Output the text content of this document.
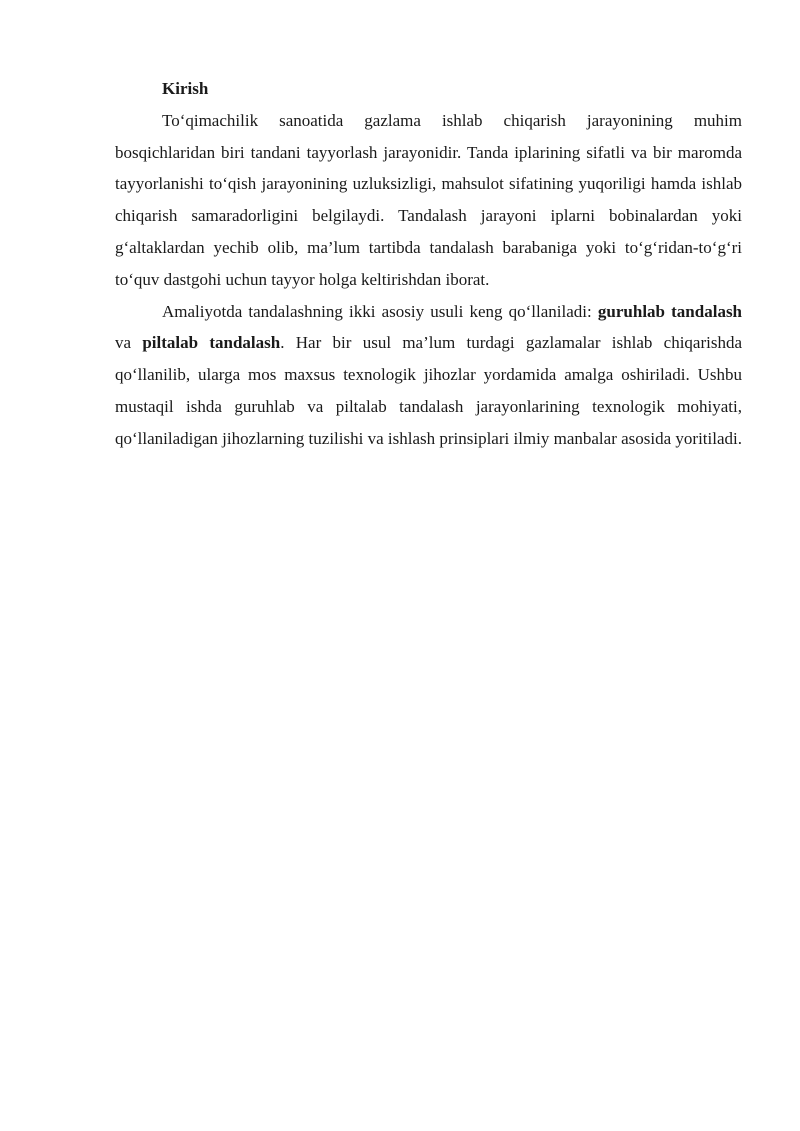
Kirish

To‘qimachilik sanoatida gazlama ishlab chiqarish jarayonining muhim bosqichlaridan biri tandani tayyorlash jarayonidir. Tanda iplarining sifatli va bir maromda tayyorlanishi to‘qish jarayonining uzluksizligi, mahsulot sifatining yuqoriligi hamda ishlab chiqarish samaradorligini belgilaydi. Tandalash jarayoni iplarni bobinalardan yoki g‘altaklardan yechib olib, ma’lum tartibda tandalash barabaniga yoki to‘g‘ridan-to‘g‘ri to‘quv dastgohi uchun tayyor holga keltirishdan iborat.

Amaliyotda tandalashning ikki asosiy usuli keng qo‘llaniladi: guruhlab tandalash va piltalab tandalash. Har bir usul ma’lum turdagi gazlamalar ishlab chiqarishda qo‘llanilib, ularga mos maxsus texnologik jihozlar yordamida amalga oshiriladi. Ushbu mustaqil ishda guruhlab va piltalab tandalash jarayonlarining texnologik mohiyati, qo‘llaniladigan jihozlarning tuzilishi va ishlash prinsiplari ilmiy manbalar asosida yoritiladi.
